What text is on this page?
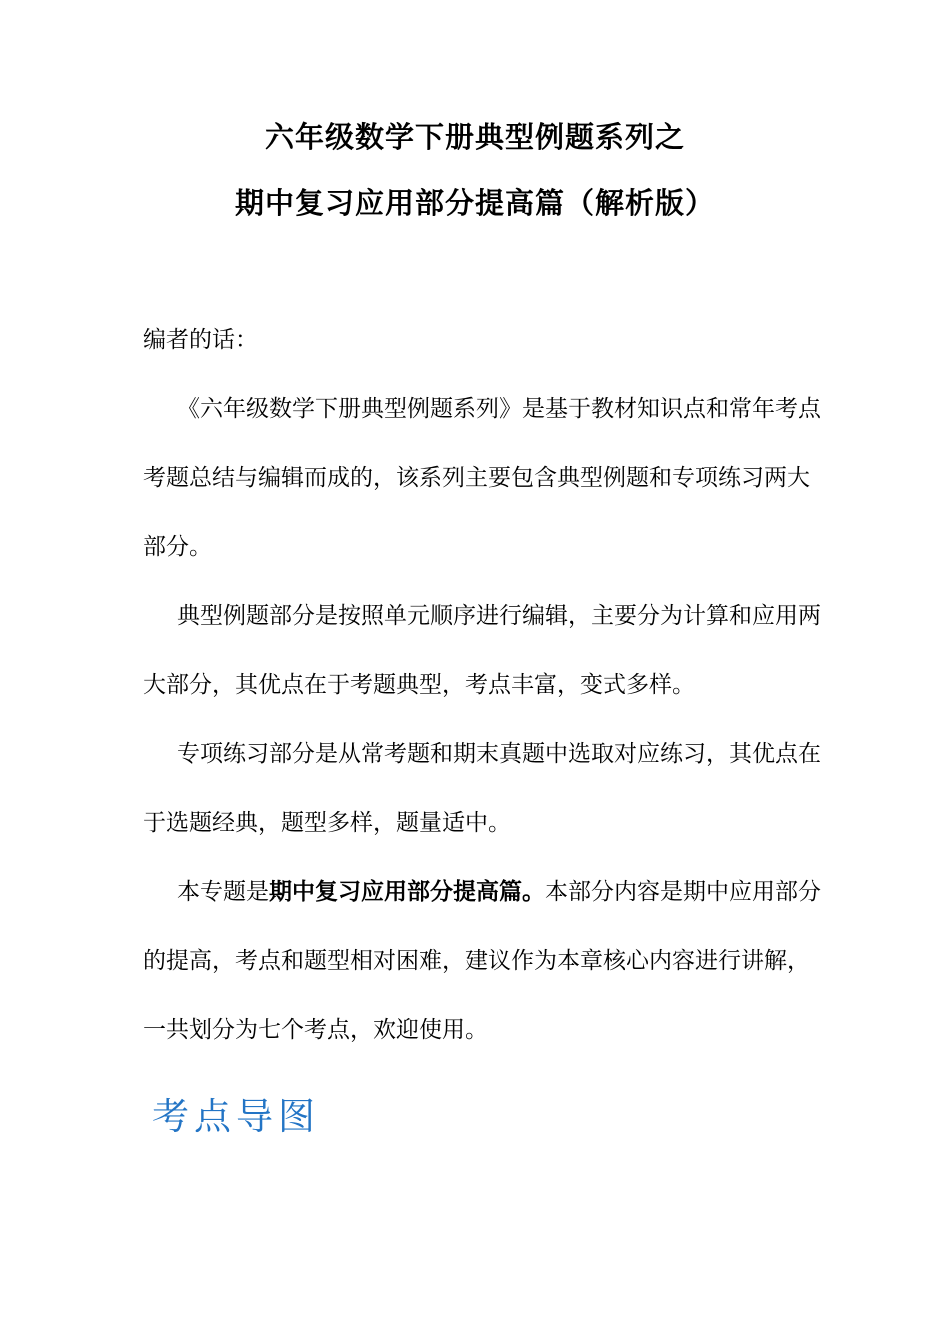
六年级数学下册典型例题系列之
期中复习应用部分提高篇（解析版）
编者的话：
《六年级数学下册典型例题系列》是基于教材知识点和常年考点
考题总结与编辑而成的，该系列主要包含典型例题和专项练习两大
部分。
典型例题部分是按照单元顺序进行编辑，主要分为计算和应用两
大部分，其优点在于考题典型，考点丰富，变式多样。
专项练习部分是从常考题和期末真题中选取对应练习，其优点在
于选题经典，题型多样，题量适中。
本专题是期中复习应用部分提高篇。本部分内容是期中应用部分
的提高，考点和题型相对困难，建议作为本章核心内容进行讲解，
一共划分为七个考点，欢迎使用。
考点导图
